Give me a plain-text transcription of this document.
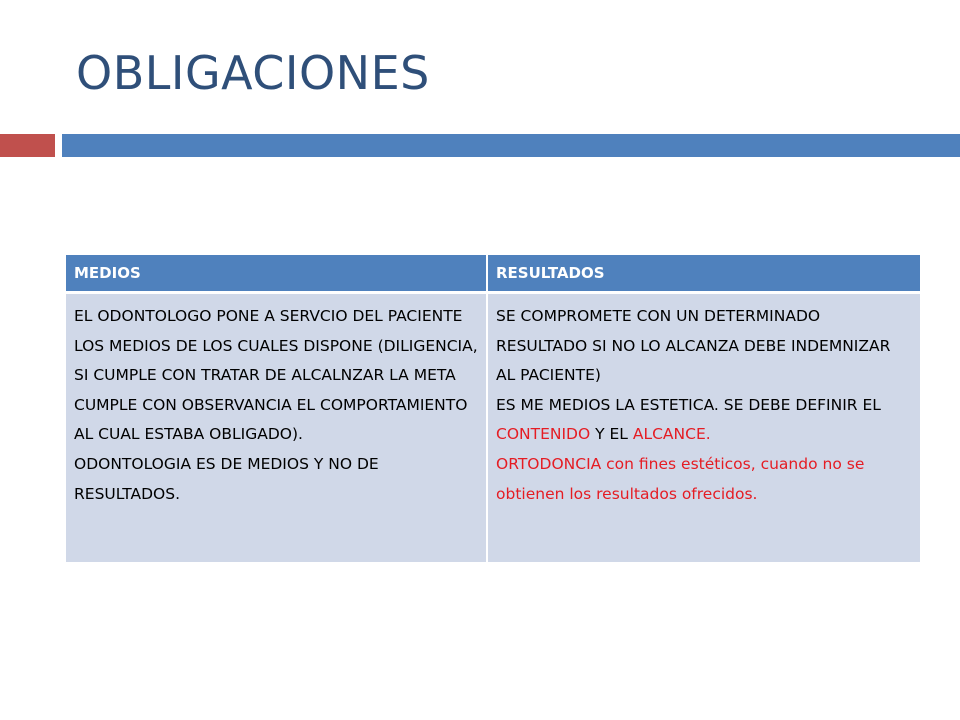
OBLIGACIONES
MEDIOS	RESULTADOS
EL ODONTOLOGO PONE A SERVCIO DEL PACIENTE LOS MEDIOS DE LOS CUALES DISPONE (DILIGENCIA, SI CUMPLE CON TRATAR DE ALCALNZAR LA META CUMPLE CON OBSERVANCIA EL COMPORTAMIENTO AL CUAL ESTABA OBLIGADO).
ODONTOLOGIA ES DE MEDIOS Y NO DE RESULTADOS.
SE COMPROMETE CON UN DETERMINADO RESULTADO SI NO LO ALCANZA DEBE INDEMNIZAR AL PACIENTE)
ES ME MEDIOS LA ESTETICA. SE DEBE DEFINIR EL CONTENIDO Y EL ALCANCE.
ORTODONCIA con fines estéticos, cuando no se obtienen los resultados ofrecidos.
